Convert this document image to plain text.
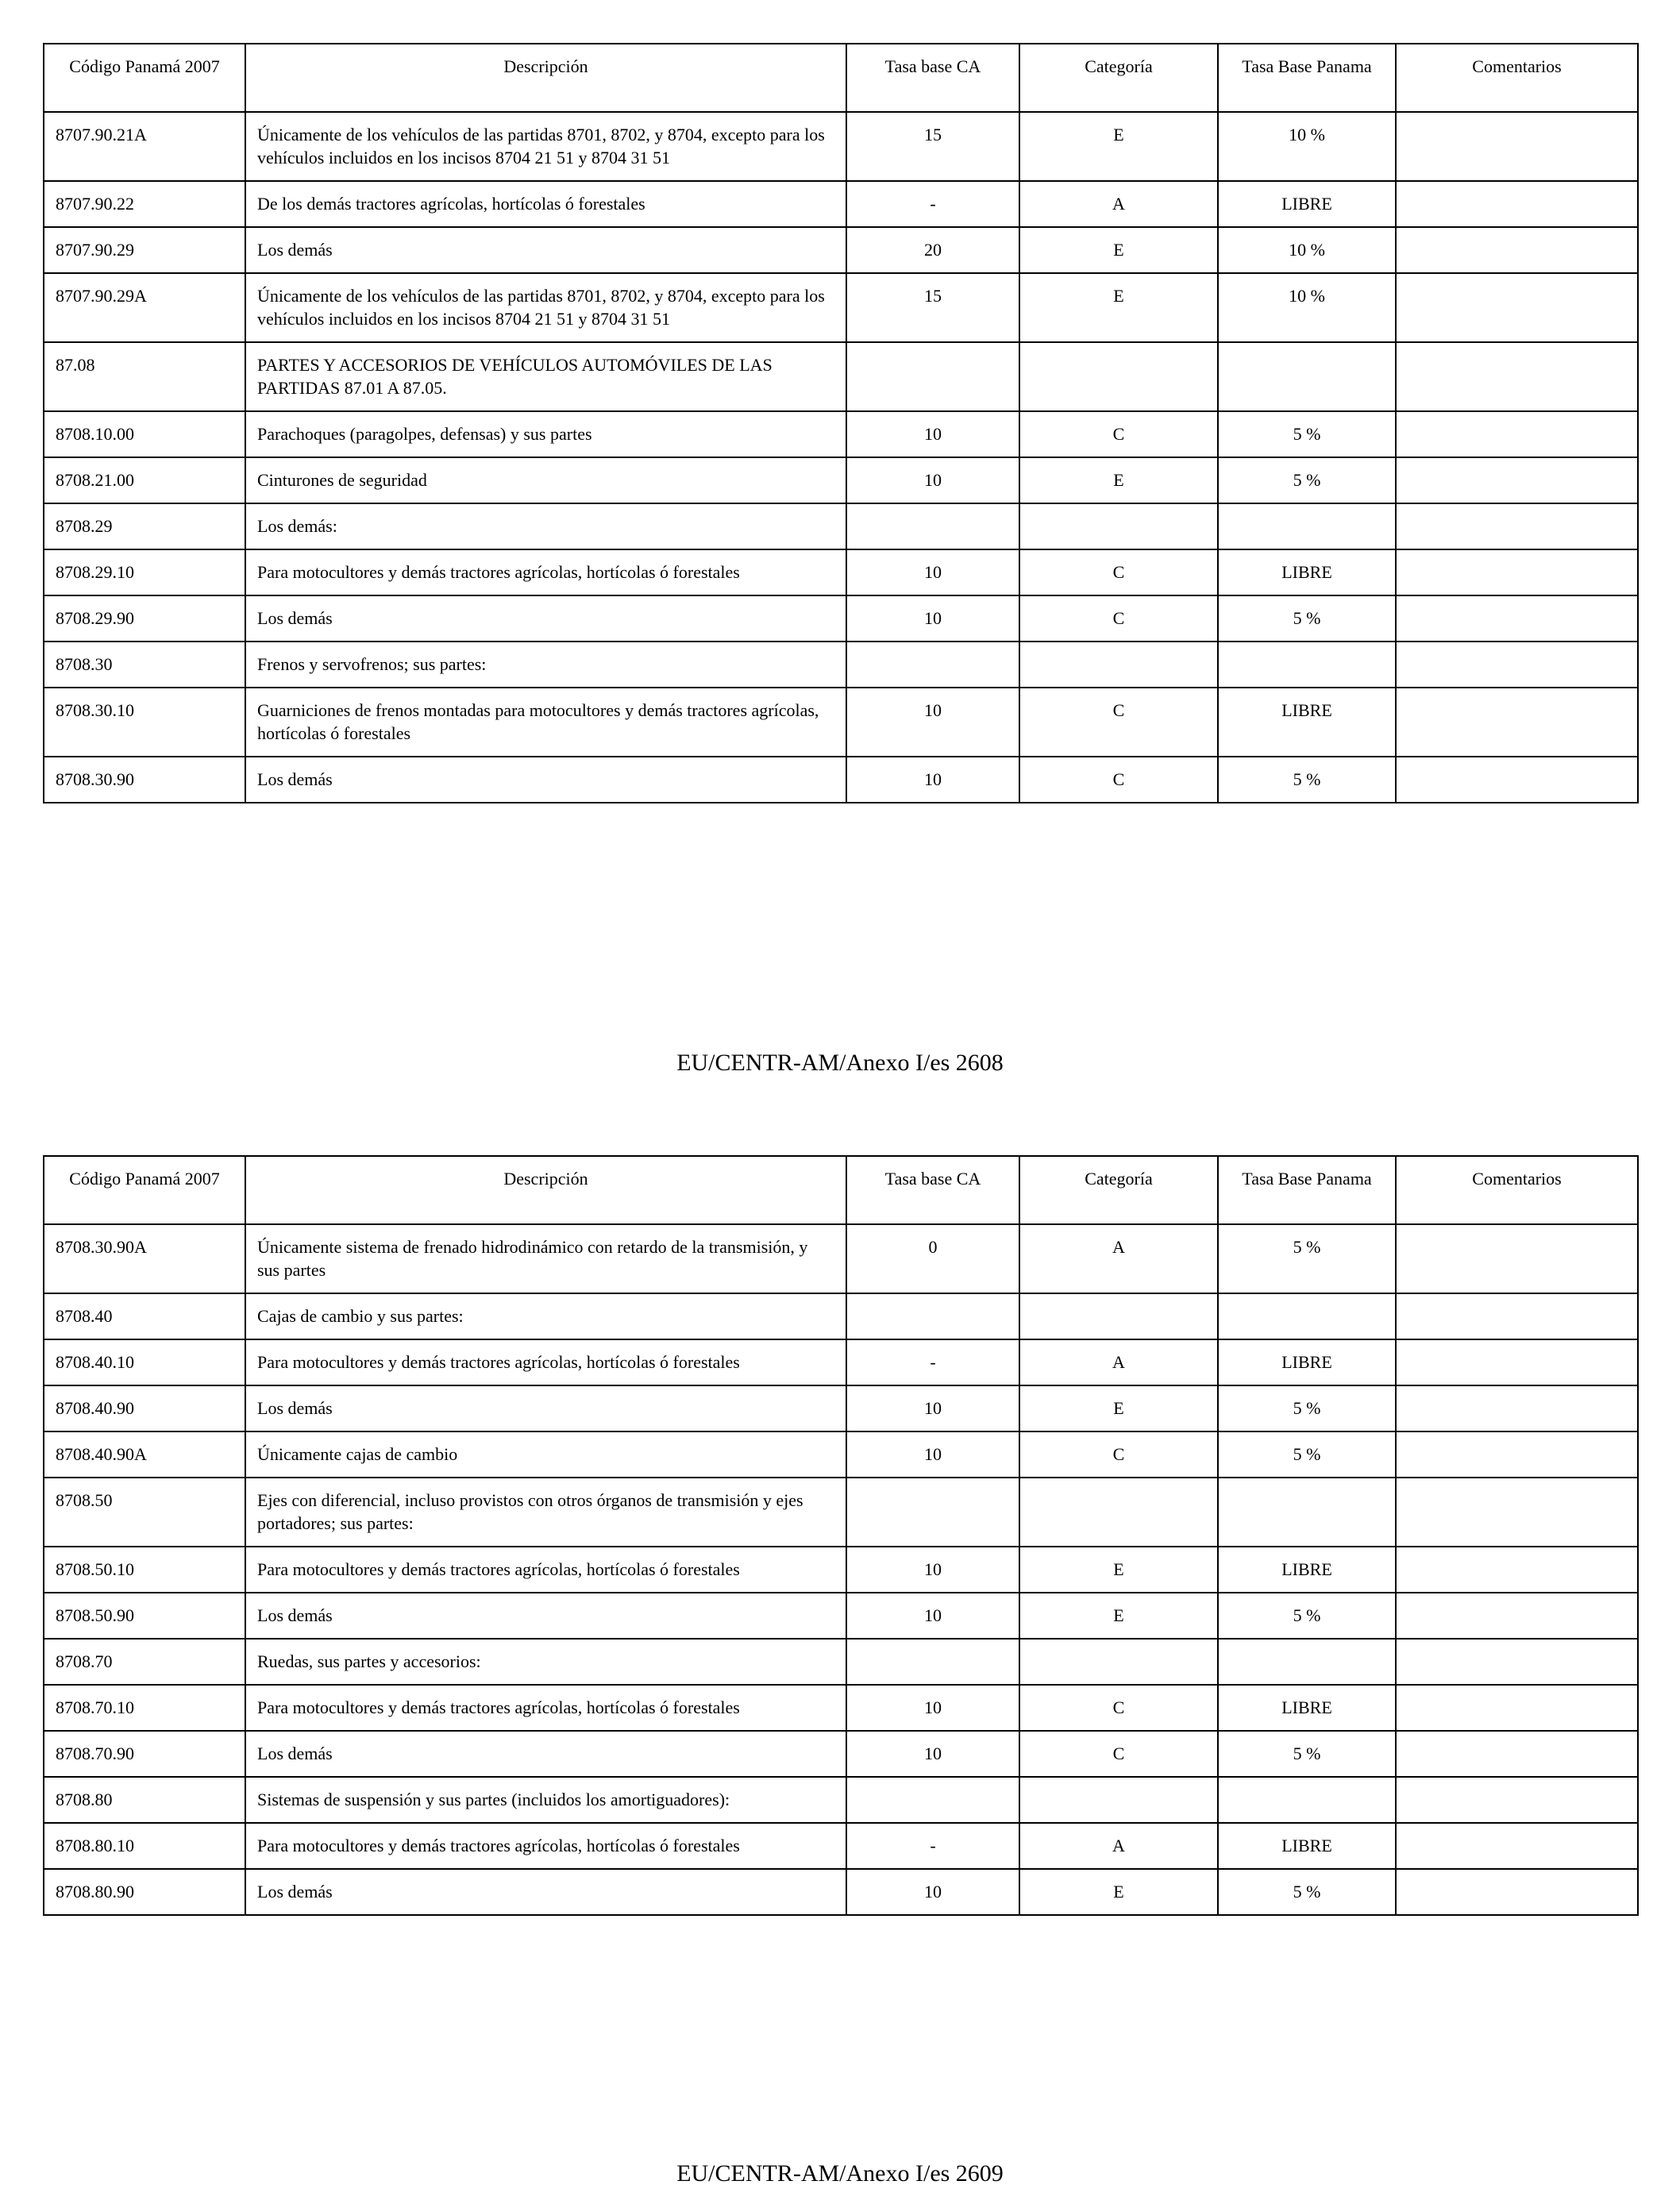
Código Panamá 2007	Descripción	Tasa base CA	Categoría	Tasa Base Panama	Comentarios
8707.90.21A	Únicamente de los vehículos de las partidas 8701, 8702, y 8704, excepto para los vehículos incluidos en los incisos 8704 21 51 y 8704 31 51	15	E	10 %	
8707.90.22	De los demás tractores agrícolas, hortícolas ó forestales	-	A	LIBRE	
8707.90.29	Los demás	20	E	10 %	
8707.90.29A	Únicamente de los vehículos de las partidas 8701, 8702, y 8704, excepto para los vehículos incluidos en los incisos 8704 21 51 y 8704 31 51	15	E	10 %	
87.08	PARTES Y ACCESORIOS DE VEHÍCULOS AUTOMÓVILES DE LAS PARTIDAS 87.01 A 87.05.				
8708.10.00	Parachoques (paragolpes, defensas) y sus partes	10	C	5 %	
8708.21.00	Cinturones de seguridad	10	E	5 %	
8708.29	Los demás:				
8708.29.10	Para motocultores y demás tractores agrícolas, hortícolas ó forestales	10	C	LIBRE	
8708.29.90	Los demás	10	C	5 %	
8708.30	Frenos y servofrenos; sus partes:				
8708.30.10	Guarniciones de frenos montadas para motocultores y demás tractores agrícolas, hortícolas ó forestales	10	C	LIBRE	
8708.30.90	Los demás	10	C	5 %	
EU/CENTR-AM/Anexo I/es 2608
Código Panamá 2007	Descripción	Tasa base CA	Categoría	Tasa Base Panama	Comentarios
8708.30.90A	Únicamente sistema de frenado hidrodinámico con retardo de la transmisión, y sus partes	0	A	5 %	
8708.40	Cajas de cambio y sus partes:				
8708.40.10	Para motocultores y demás tractores agrícolas, hortícolas ó forestales	-	A	LIBRE	
8708.40.90	Los demás	10	E	5 %	
8708.40.90A	Únicamente cajas de cambio	10	C	5 %	
8708.50	Ejes con diferencial, incluso provistos con otros órganos de transmisión y ejes portadores; sus partes:				
8708.50.10	Para motocultores y demás tractores agrícolas, hortícolas ó forestales	10	E	LIBRE	
8708.50.90	Los demás	10	E	5 %	
8708.70	Ruedas, sus partes y accesorios:				
8708.70.10	Para motocultores y demás tractores agrícolas, hortícolas ó forestales	10	C	LIBRE	
8708.70.90	Los demás	10	C	5 %	
8708.80	Sistemas de suspensión y sus partes (incluidos los amortiguadores):				
8708.80.10	Para motocultores y demás tractores agrícolas, hortícolas ó forestales	-	A	LIBRE	
8708.80.90	Los demás	10	E	5 %	
EU/CENTR-AM/Anexo I/es 2609
